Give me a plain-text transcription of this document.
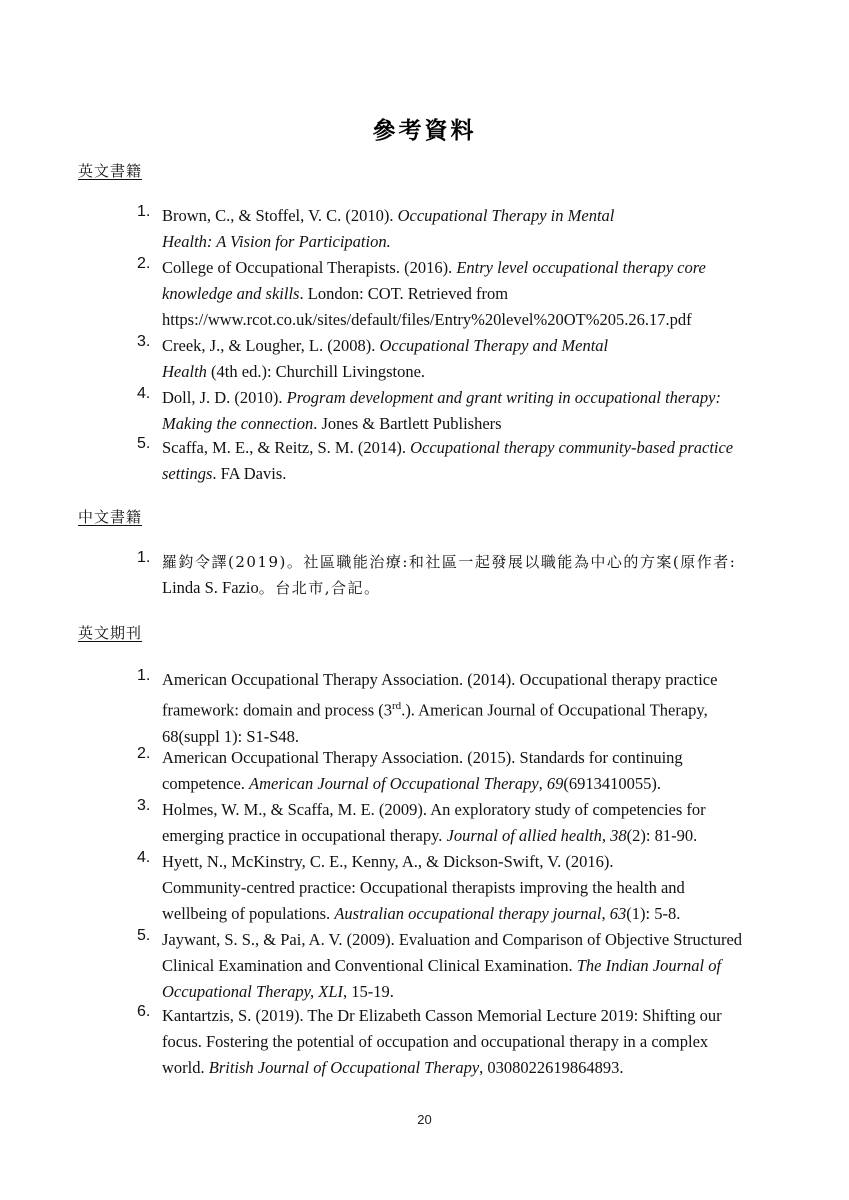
參考資料
英文書籍
1. Brown, C., & Stoffel, V. C. (2010). Occupational Therapy in Mental
Health: A Vision for Participation.
2. College of Occupational Therapists. (2016). Entry level occupational therapy core
knowledge and skills. London: COT. Retrieved from
https://www.rcot.co.uk/sites/default/files/Entry%20level%20OT%205.26.17.pdf
3. Creek, J., & Lougher, L. (2008). Occupational Therapy and Mental
Health (4th ed.): Churchill Livingstone.
4. Doll, J. D. (2010). Program development and grant writing in occupational therapy:
Making the connection. Jones & Bartlett Publishers
5. Scaffa, M. E., & Reitz, S. M. (2014). Occupational therapy community-based practice
settings. FA Davis.
中文書籍
1. 羅鈞令譯(2019)。社區職能治療:和社區一起發展以職能為中心的方案(原作者:
Linda S. Fazio。台北市,合記。
英文期刊
1. American Occupational Therapy Association. (2014). Occupational therapy practice
framework: domain and process (3rd.). American Journal of Occupational Therapy,
68(suppl 1): S1-S48.
2. American Occupational Therapy Association. (2015). Standards for continuing
competence. American Journal of Occupational Therapy, 69(6913410055).
3. Holmes, W. M., & Scaffa, M. E. (2009). An exploratory study of competencies for
emerging practice in occupational therapy. Journal of allied health, 38(2): 81-90.
4. Hyett, N., McKinstry, C. E., Kenny, A., & Dickson-Swift, V. (2016).
Community-centred practice: Occupational therapists improving the health and
wellbeing of populations. Australian occupational therapy journal, 63(1): 5-8.
5. Jaywant, S. S., & Pai, A. V. (2009). Evaluation and Comparison of Objective Structured
Clinical Examination and Conventional Clinical Examination. The Indian Journal of
Occupational Therapy, XLI, 15-19.
6. Kantartzis, S. (2019). The Dr Elizabeth Casson Memorial Lecture 2019: Shifting our
focus. Fostering the potential of occupation and occupational therapy in a complex
world. British Journal of Occupational Therapy, 0308022619864893.
20
